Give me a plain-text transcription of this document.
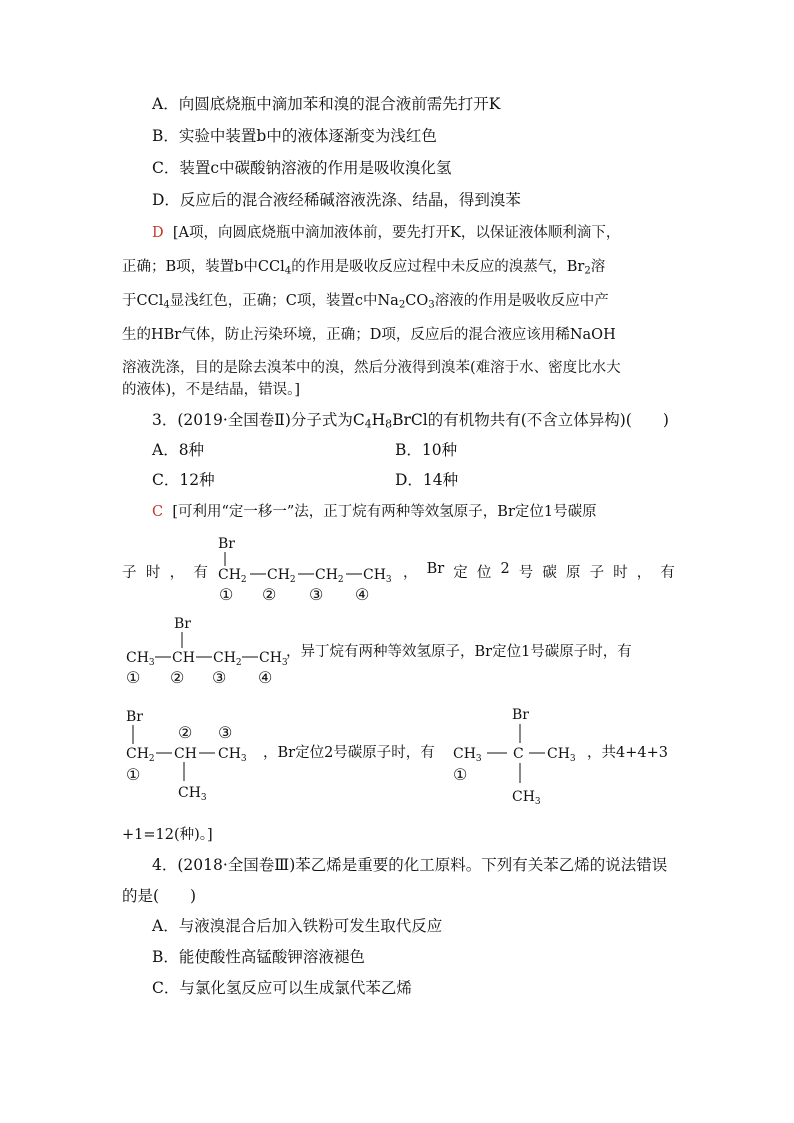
A．向圆底烧瓶中滴加苯和溴的混合液前需先打开K
B．实验中装置b中的液体逐渐变为浅红色
C．装置c中碳酸钠溶液的作用是吸收溴化氢
D．反应后的混合液经稀碱溶液洗涤、结晶，得到溴苯
D [A项，向圆底烧瓶中滴加液体前，要先打开K，以保证液体顺利滴下，
正确；B项，装置b中CCl$_4$的作用是吸收反应过程中未反应的溴蒸气，$Br_2$溶
于CCl$_4$显浅红色，正确；C项，装置c中$Na_2CO_3$溶液的作用是吸收反应中产
生的HBr气体，防止污染环境，正确；D项，反应后的混合液应该用稀NaOH
溶液洗涤，目的是除去溴苯中的溴，然后分液得到溴苯(难溶于水、密度比水大
的液体)，不是结晶，错误。]
3．(2019·全国卷Ⅱ)分子式为$C_4H_8BrCl$的有机物共有(不含立体异构)(　　)
A．8种	B．10种
C．12种	D．14种
C [可利用“定一移一”法，正丁烷有两种等效氢原子，Br定位1号碳原
子 时 ， 有	， Br 定 位 2 号 碳 原 子 时 ， 有
Br
$CH_2$ $CH_2$ $CH_2$ $CH_3$
① ② ③ ④
Br
$CH_3$ CH $CH_2$ $CH_3$
① ② ③ ④
，异丁烷有两种等效氢原子，Br定位1号碳原子时，有
Br
② ③
$CH_2$ CH $CH_3$
①
$CH_3$
，Br定位2号碳原子时，有
Br
$CH_3$ C $CH_3$
①
$CH_3$
，共4+4+3
+1=12(种)。]
4．(2018·全国卷Ⅲ)苯乙烯是重要的化工原料。下列有关苯乙烯的说法错误
的是(　　)
A．与液溴混合后加入铁粉可发生取代反应
B．能使酸性高锰酸钾溶液褪色
C．与氯化氢反应可以生成氯代苯乙烯
